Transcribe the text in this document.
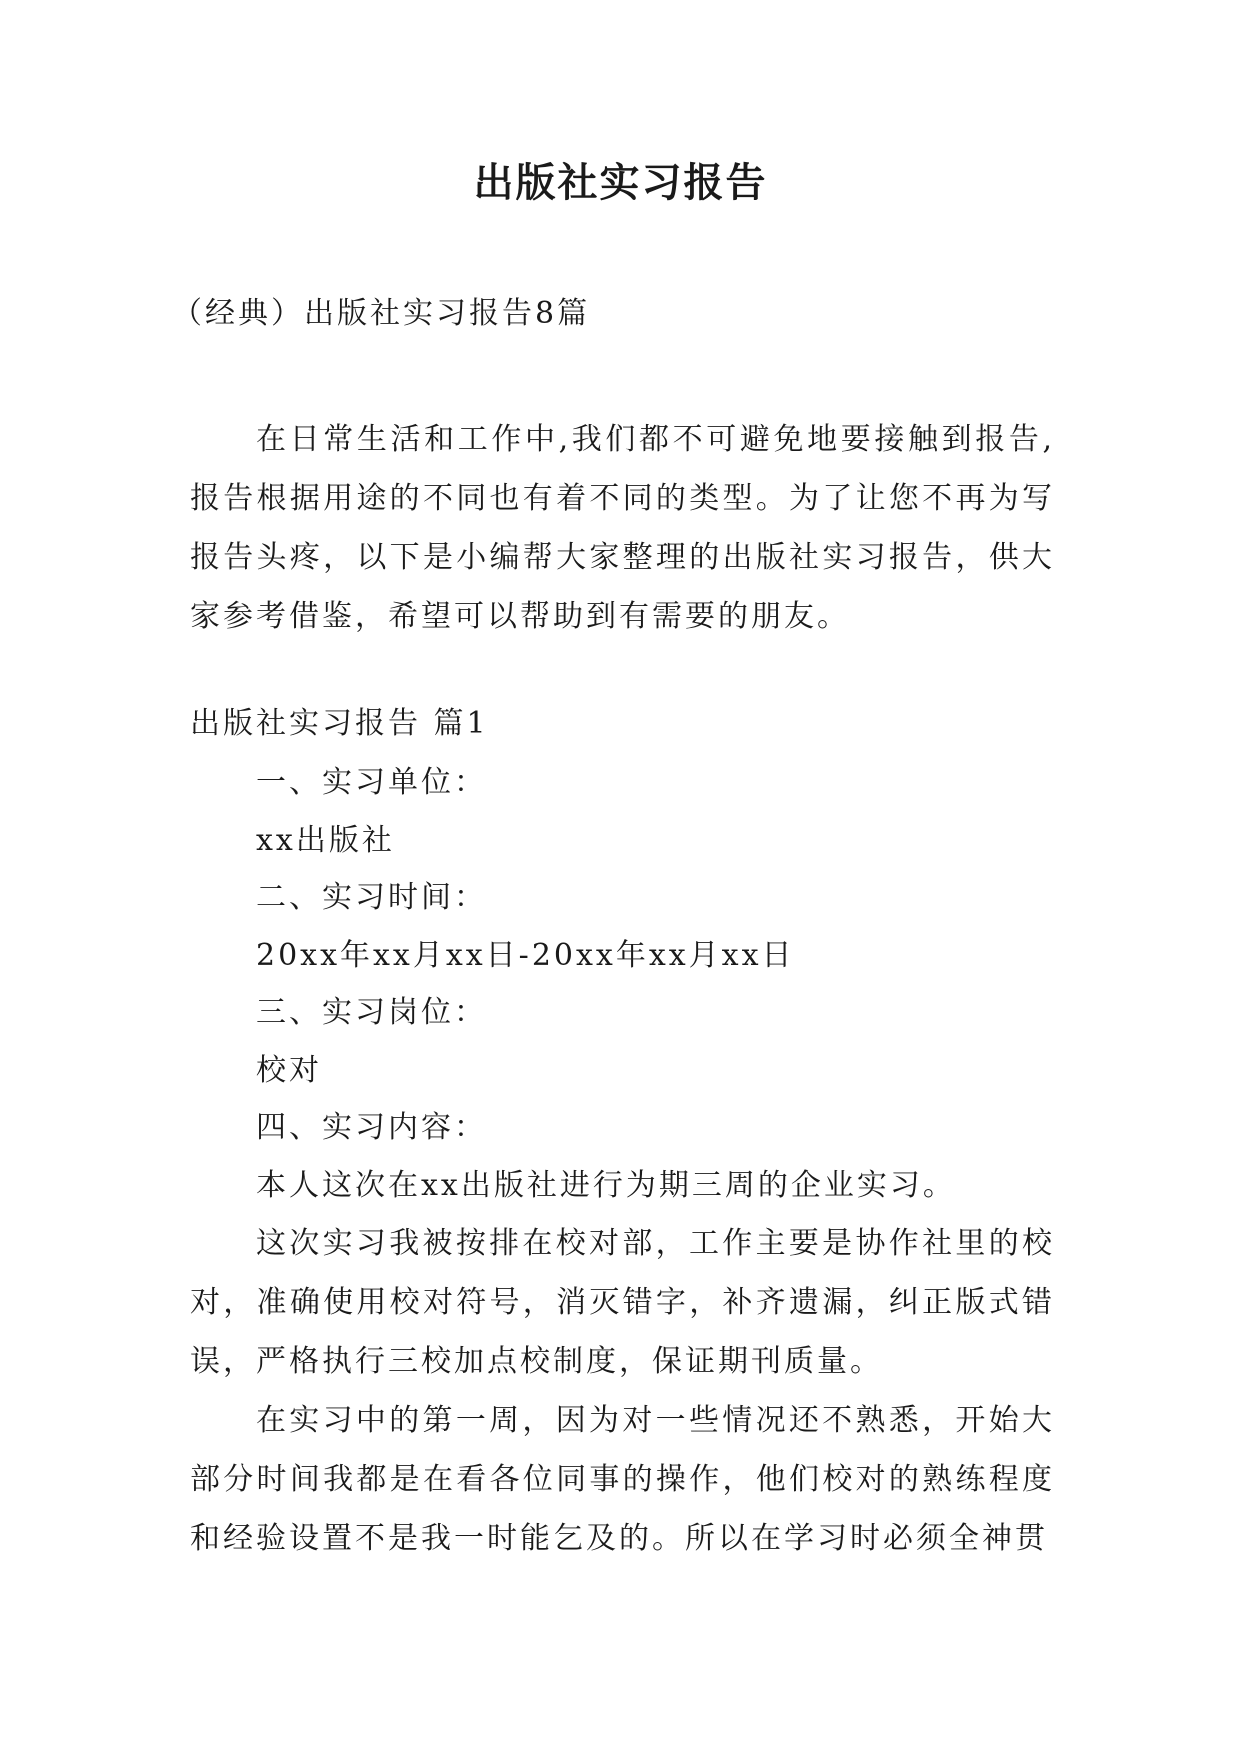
出版社实习报告

（经典）出版社实习报告8篇

在日常生活和工作中,我们都不可避免地要接触到报告,报告根据用途的不同也有着不同的类型。为了让您不再为写报告头疼，以下是小编帮大家整理的出版社实习报告，供大家参考借鉴，希望可以帮助到有需要的朋友。

出版社实习报告 篇1

一、实习单位：

xx出版社

二、实习时间：

20xx年xx月xx日-20xx年xx月xx日

三、实习岗位：

校对

四、实习内容：

本人这次在xx出版社进行为期三周的企业实习。

这次实习我被按排在校对部，工作主要是协作社里的校对，准确使用校对符号，消灭错字，补齐遗漏，纠正版式错误，严格执行三校加点校制度，保证期刊质量。

在实习中的第一周，因为对一些情况还不熟悉，开始大部分时间我都是在看各位同事的操作，他们校对的熟练程度和经验设置不是我一时能乞及的。所以在学习时必须全神贯
